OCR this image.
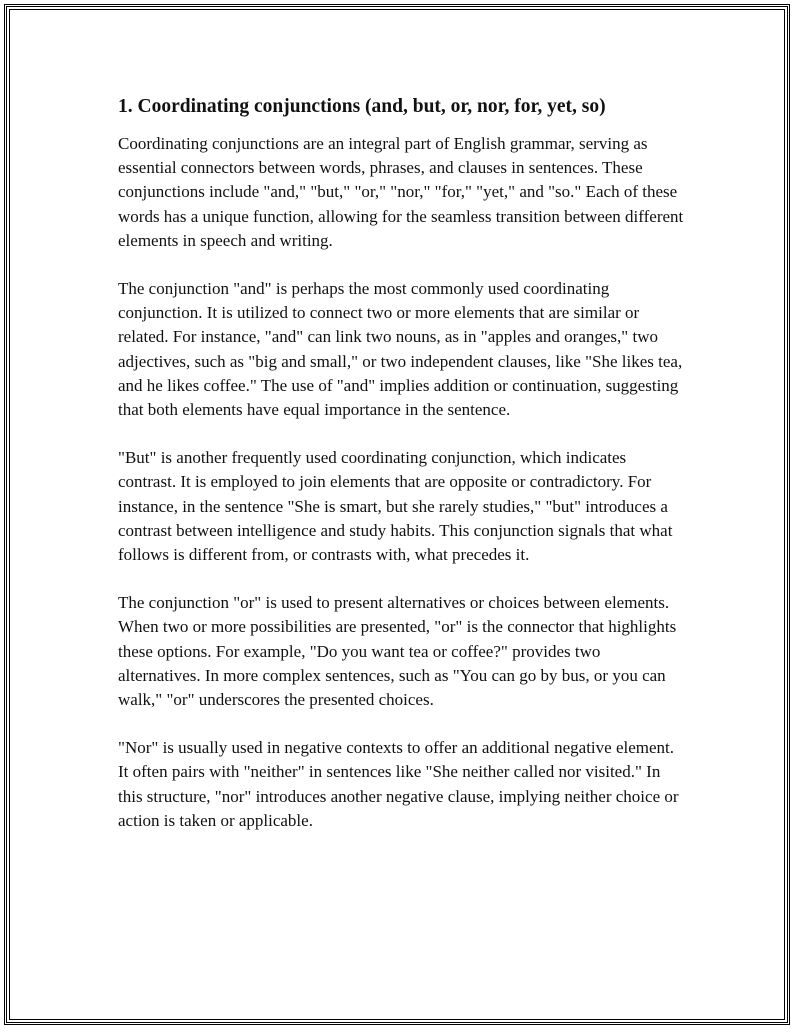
1. Coordinating conjunctions (and, but, or, nor, for, yet, so)

Coordinating conjunctions are an integral part of English grammar, serving as essential connectors between words, phrases, and clauses in sentences. These conjunctions include "and," "but," "or," "nor," "for," "yet," and "so." Each of these words has a unique function, allowing for the seamless transition between different elements in speech and writing.

The conjunction "and" is perhaps the most commonly used coordinating conjunction. It is utilized to connect two or more elements that are similar or related. For instance, "and" can link two nouns, as in "apples and oranges," two adjectives, such as "big and small," or two independent clauses, like "She likes tea, and he likes coffee." The use of "and" implies addition or continuation, suggesting that both elements have equal importance in the sentence.

"But" is another frequently used coordinating conjunction, which indicates contrast. It is employed to join elements that are opposite or contradictory. For instance, in the sentence "She is smart, but she rarely studies," "but" introduces a contrast between intelligence and study habits. This conjunction signals that what follows is different from, or contrasts with, what precedes it.

The conjunction "or" is used to present alternatives or choices between elements. When two or more possibilities are presented, "or" is the connector that highlights these options. For example, "Do you want tea or coffee?" provides two alternatives. In more complex sentences, such as "You can go by bus, or you can walk," "or" underscores the presented choices.

"Nor" is usually used in negative contexts to offer an additional negative element. It often pairs with "neither" in sentences like "She neither called nor visited." In this structure, "nor" introduces another negative clause, implying neither choice or action is taken or applicable.
